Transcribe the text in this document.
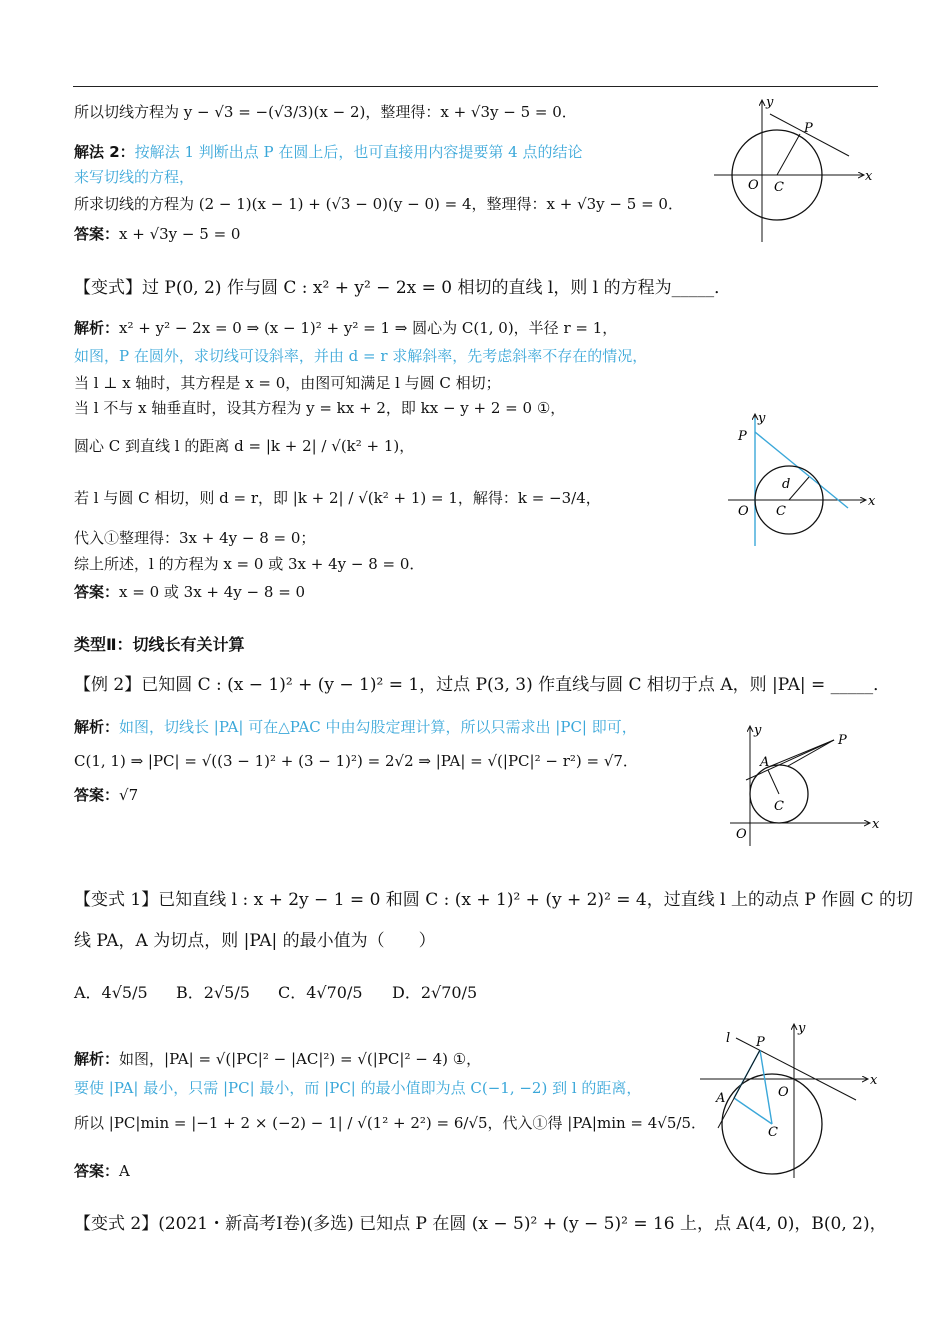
所以切线方程为 y − √3 = −(√3/3)(x − 2)，整理得：x + √3y − 5 = 0．
解法 2：按解法 1 判断出点 P 在圆上后，也可直接用内容提要第 4 点的结论
来写切线的方程，
所求切线的方程为 (2 − 1)(x − 1) + (√3 − 0)(y − 0) = 4，整理得：x + √3y − 5 = 0．
答案：x + √3y − 5 = 0
【变式】过 P(0, 2) 作与圆 C : x² + y² − 2x = 0 相切的直线 l，则 l 的方程为_____．
解析：x² + y² − 2x = 0 ⇒ (x − 1)² + y² = 1 ⇒ 圆心为 C(1, 0)，半径 r = 1，
如图，P 在圆外，求切线可设斜率，并由 d = r 求解斜率，先考虑斜率不存在的情况，
当 l ⊥ x 轴时，其方程是 x = 0，由图可知满足 l 与圆 C 相切；
当 l 不与 x 轴垂直时，设其方程为 y = kx + 2，即 kx − y + 2 = 0 ①，
圆心 C 到直线 l 的距离 d = |k + 2| / √(k² + 1)，
若 l 与圆 C 相切，则 d = r，即 |k + 2| / √(k² + 1) = 1，解得：k = −3/4，
代入①整理得：3x + 4y − 8 = 0；
综上所述，l 的方程为 x = 0 或 3x + 4y − 8 = 0．
答案：x = 0 或 3x + 4y − 8 = 0
类型Ⅱ：切线长有关计算
【例 2】已知圆 C : (x − 1)² + (y − 1)² = 1，过点 P(3, 3) 作直线与圆 C 相切于点 A，则 |PA| = _____．
解析：如图，切线长 |PA| 可在△PAC 中由勾股定理计算，所以只需求出 |PC| 即可，
C(1, 1) ⇒ |PC| = √((3 − 1)² + (3 − 1)²) = 2√2 ⇒ |PA| = √(|PC|² − r²) = √7．
答案：√7
【变式 1】已知直线 l : x + 2y − 1 = 0 和圆 C : (x + 1)² + (y + 2)² = 4，过直线 l 上的动点 P 作圆 C 的切
线 PA，A 为切点，则 |PA| 的最小值为（　　）
A．4√5/5 B．2√5/5 C．4√70/5 D．2√70/5
解析：如图，|PA| = √(|PC|² − |AC|²) = √(|PC|² − 4) ①，
要使 |PA| 最小，只需 |PC| 最小，而 |PC| 的最小值即为点 C(−1, −2) 到 l 的距离，
所以 |PC|min = |−1 + 2 × (−2) − 1| / √(1² + 2²) = 6/√5，代入①得 |PA|min = 4√5/5．
答案：A
【变式 2】(2021・新高考Ⅰ卷)(多选) 已知点 P 在圆 (x − 5)² + (y − 5)² = 16 上，点 A(4, 0)，B(0, 2)，
x
y
O C
P
x
y
P
O C
d
x
y
P
A
C
O
x
y
l P
O
A
C
